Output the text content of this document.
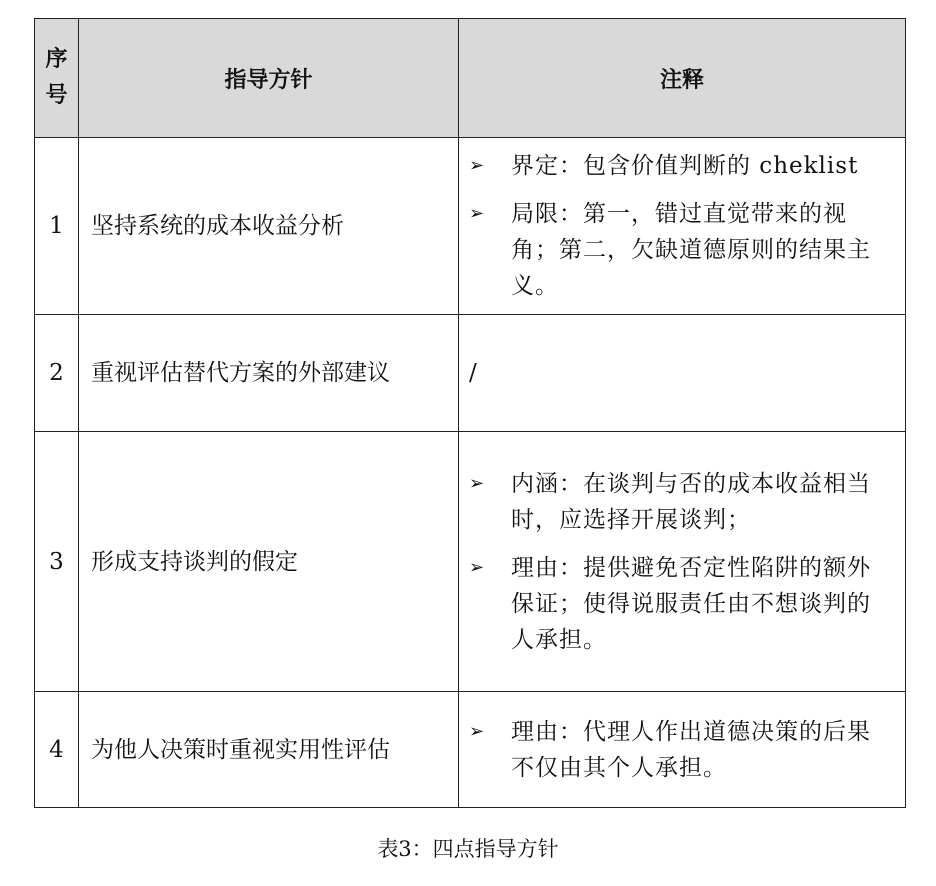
序号	指导方针	注释
1	坚持系统的成本收益分析	➢ 界定：包含价值判断的 cheklist
➢ 局限：第一，错过直觉带来的视角；第二，欠缺道德原则的结果主义。

2	重视评估替代方案的外部建议	/
3	形成支持谈判的假定	➢ 内涵：在谈判与否的成本收益相当时，应选择开展谈判；
➢ 理由：提供避免否定性陷阱的额外保证；使得说服责任由不想谈判的人承担。

4	为他人决策时重视实用性评估	➢ 理由：代理人作出道德决策的后果不仅由其个人承担。
表3：四点指导方针
